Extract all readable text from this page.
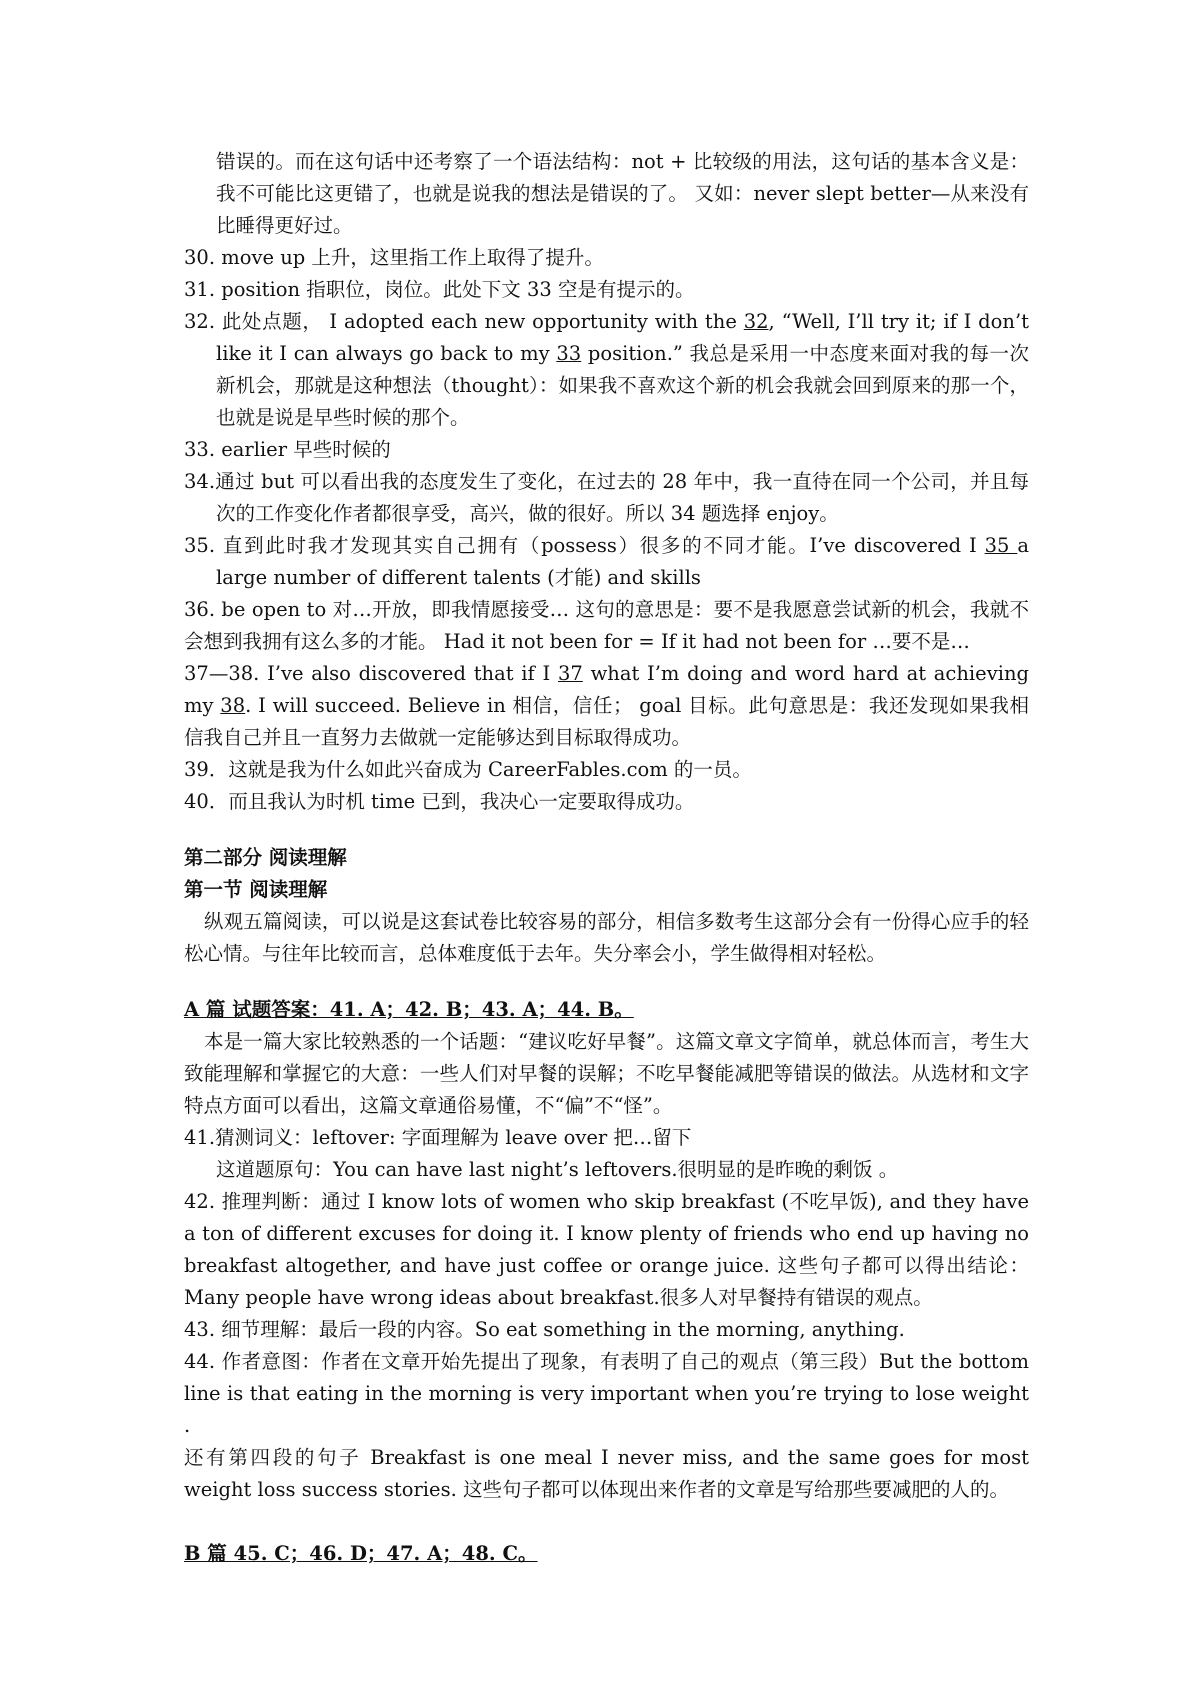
错误的。而在这句话中还考察了一个语法结构：not + 比较级的用法，这句话的基本含义是：我不可能比这更错了，也就是说我的想法是错误的了。 又如：never slept better—从来没有比睡得更好过。

30. move up 上升，这里指工作上取得了提升。

31. position 指职位，岗位。此处下文 33 空是有提示的。

32. 此处点题， I adopted each new opportunity with the 32, “Well, I’ll try it; if I don’t like it I can always go back to my 33 position.” 我总是采用一中态度来面对我的每一次新机会，那就是这种想法（thought）：如果我不喜欢这个新的机会我就会回到原来的那一个，也就是说是早些时候的那个。

33. earlier 早些时候的

34.通过 but 可以看出我的态度发生了变化，在过去的 28 年中，我一直待在同一个公司，并且每次的工作变化作者都很享受，高兴，做的很好。所以 34 题选择 enjoy。

35. 直到此时我才发现其实自己拥有（possess）很多的不同才能。I’ve discovered I 35 a large number of different talents (才能) and skills

36. be open to 对…开放，即我情愿接受… 这句的意思是：要不是我愿意尝试新的机会，我就不会想到我拥有这么多的才能。 Had it not been for = If it had not been for …要不是…

37—38. I’ve also discovered that if I 37 what I’m doing and word hard at achieving my 38. I will succeed. Believe in 相信，信任； goal 目标。此句意思是：我还发现如果我相信我自己并且一直努力去做就一定能够达到目标取得成功。

39．这就是我为什么如此兴奋成为 CareerFables.com 的一员。

40．而且我认为时机 time 已到，我决心一定要取得成功。

第二部分 阅读理解

第一节 阅读理解

纵观五篇阅读，可以说是这套试卷比较容易的部分，相信多数考生这部分会有一份得心应手的轻松心情。与往年比较而言，总体难度低于去年。失分率会小，学生做得相对轻松。

A 篇 试题答案：41. A；42. B；43. A；44. B。

本是一篇大家比较熟悉的一个话题：“建议吃好早餐”。这篇文章文字简单，就总体而言，考生大致能理解和掌握它的大意：一些人们对早餐的误解；不吃早餐能减肥等错误的做法。从选材和文字特点方面可以看出，这篇文章通俗易懂，不“偏”不“怪”。

41.猜测词义：leftover: 字面理解为 leave over 把…留下

这道题原句：You can have last night’s leftovers.很明显的是昨晚的剩饭 。

42. 推理判断：通过 I know lots of women who skip breakfast (不吃早饭), and they have a ton of different excuses for doing it. I know plenty of friends who end up having no breakfast altogether, and have just coffee or orange juice. 这些句子都可以得出结论：Many people have wrong ideas about breakfast.很多人对早餐持有错误的观点。

43. 细节理解：最后一段的内容。So eat something in the morning, anything.

44. 作者意图：作者在文章开始先提出了现象，有表明了自己的观点（第三段）But the bottom line is that eating in the morning is very important when you’re trying to lose weight .

还有第四段的句子 Breakfast is one meal I never miss, and the same goes for most weight loss success stories. 这些句子都可以体现出来作者的文章是写给那些要减肥的人的。

B 篇 45. C；46. D；47. A；48. C。
